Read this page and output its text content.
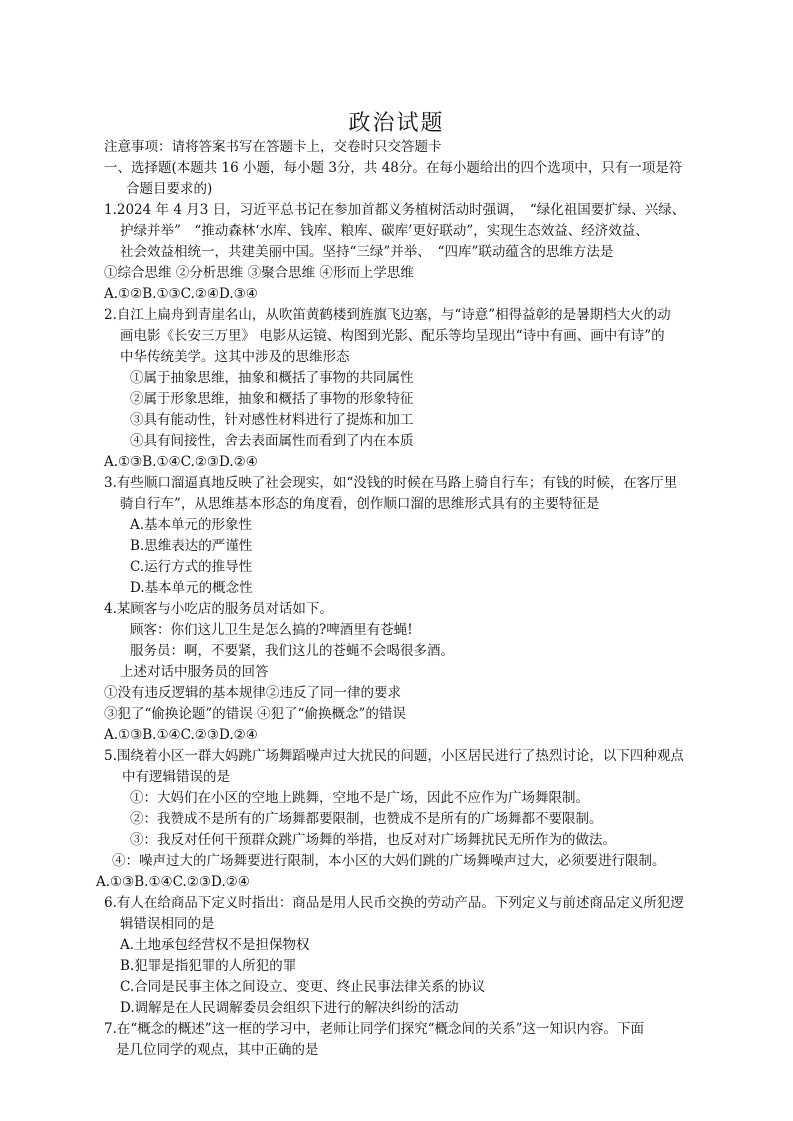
政治试题
注意事项：请将答案书写在答题卡上，交卷时只交答题卡
一、选择题(本题共 16 小题，每小题 3分，共 48分。在每小题给出的四个选项中，只有一项是符
合题目要求的)
1.2024 年 4 月3 日，习近平总书记在参加首都义务植树活动时强调，　“绿化祖国要扩绿、兴绿、
护绿并举”　“推动森林‘水库、钱库、粮库、碳库’更好联动”，实现生态效益、经济效益、
社会效益相统一，共建美丽中国。坚持“三绿”并举、　“四库”联动蕴含的思维方法是
①综合思维 ②分析思维 ③聚合思维 ④形而上学思维
A.①②B.①③C.②④D.③④
2.自江上扁舟到青崖名山，从吹笛黄鹤楼到旌旗飞边塞，与“诗意”相得益彰的是暑期档大火的动
画电影《长安三万里》 电影从运镜、构图到光影、配乐等均呈现出“诗中有画、画中有诗”的
中华传统美学。这其中涉及的思维形态
①属于抽象思维，抽象和概括了事物的共同属性
②属于形象思维，抽象和概括了事物的形象特征
③具有能动性，针对感性材料进行了提炼和加工
④具有间接性，舍去表面属性而看到了内在本质
A.①③B.①④C.②③D.②④
3.有些顺口溜逼真地反映了社会现实，如“没钱的时候在马路上骑自行车；有钱的时候，在客厅里
骑自行车”，从思维基本形态的角度看，创作顺口溜的思维形式具有的主要特征是
A.基本单元的形象性
B.思维表达的严谨性
C.运行方式的推导性
D.基本单元的概念性
4.某顾客与小吃店的服务员对话如下。
顾客：你们这儿卫生是怎么搞的?啤酒里有苍蝇!
服务员：啊，不要紧，我们这儿的苍蝇不会喝很多酒。
上述对话中服务员的回答
①没有违反逻辑的基本规律②违反了同一律的要求
③犯了“偷换论题”的错误 ④犯了“偷换概念”的错误
A.①③B.①④C.②③D.②④
5.围绕着小区一群大妈跳广场舞蹈噪声过大扰民的问题，小区居民进行了热烈讨论，以下四种观点
中有逻辑错误的是
①：大妈们在小区的空地上跳舞，空地不是广场，因此不应作为广场舞限制。
②：我赞成不是所有的广场舞都要限制，也赞成不是所有的广场舞都不要限制。
③：我反对任何干预群众跳广场舞的举措，也反对对广场舞扰民无所作为的做法。
④：噪声过大的广场舞要进行限制，本小区的大妈们跳的广场舞噪声过大，必须要进行限制。
A.①③B.①④C.②③D.②④
6.有人在给商品下定义时指出：商品是用人民币交换的劳动产品。下列定义与前述商品定义所犯逻
辑错误相同的是
A.土地承包经营权不是担保物权
B.犯罪是指犯罪的人所犯的罪
C.合同是民事主体之间设立、变更、终止民事法律关系的协议
D.调解是在人民调解委员会组织下进行的解决纠纷的活动
7.在“概念的概述”这一框的学习中，老师让同学们探究“概念间的关系”这一知识内容。下面
是几位同学的观点，其中正确的是
